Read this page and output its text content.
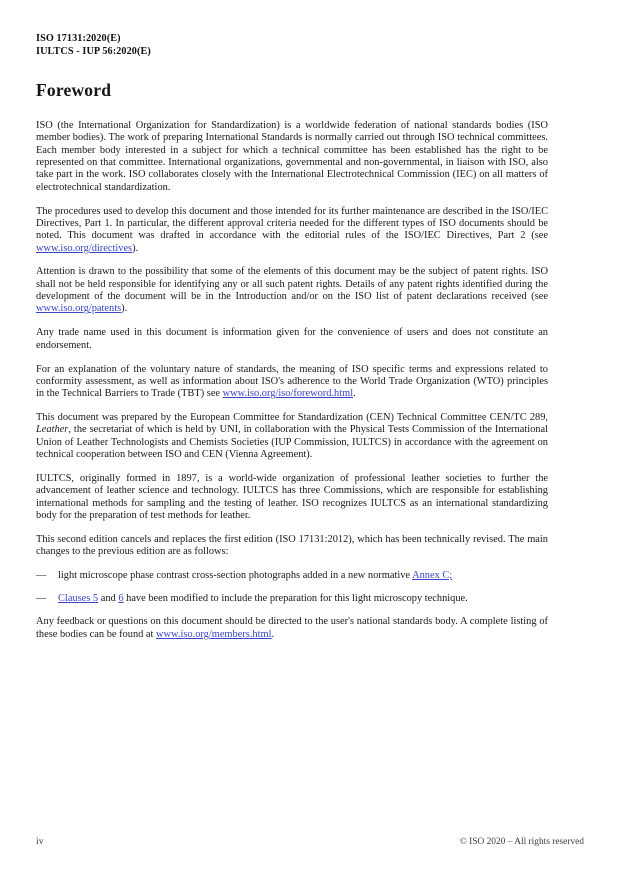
ISO 17131:2020(E)
IULTCS - IUP 56:2020(E)
Foreword

ISO (the International Organization for Standardization) is a worldwide federation of national standards bodies (ISO member bodies). The work of preparing International Standards is normally carried out through ISO technical committees. Each member body interested in a subject for which a technical committee has been established has the right to be represented on that committee. International organizations, governmental and non-governmental, in liaison with ISO, also take part in the work. ISO collaborates closely with the International Electrotechnical Commission (IEC) on all matters of electrotechnical standardization.

The procedures used to develop this document and those intended for its further maintenance are described in the ISO/IEC Directives, Part 1. In particular, the different approval criteria needed for the different types of ISO documents should be noted. This document was drafted in accordance with the editorial rules of the ISO/IEC Directives, Part 2 (see www.iso.org/directives).

Attention is drawn to the possibility that some of the elements of this document may be the subject of patent rights. ISO shall not be held responsible for identifying any or all such patent rights. Details of any patent rights identified during the development of the document will be in the Introduction and/or on the ISO list of patent declarations received (see www.iso.org/patents).

Any trade name used in this document is information given for the convenience of users and does not constitute an endorsement.

For an explanation of the voluntary nature of standards, the meaning of ISO specific terms and expressions related to conformity assessment, as well as information about ISO's adherence to the World Trade Organization (WTO) principles in the Technical Barriers to Trade (TBT) see www.iso.org/iso/foreword.html.

This document was prepared by the European Committee for Standardization (CEN) Technical Committee CEN/TC 289, Leather, the secretariat of which is held by UNI, in collaboration with the Physical Tests Commission of the International Union of Leather Technologists and Chemists Societies (IUP Commission, IULTCS) in accordance with the agreement on technical cooperation between ISO and CEN (Vienna Agreement).

IULTCS, originally formed in 1897, is a world-wide organization of professional leather societies to further the advancement of leather science and technology. IULTCS has three Commissions, which are responsible for establishing international methods for sampling and the testing of leather. ISO recognizes IULTCS as an international standardizing body for the preparation of test methods for leather.

This second edition cancels and replaces the first edition (ISO 17131:2012), which has been technically revised. The main changes to the previous edition are as follows:

— light microscope phase contrast cross-section photographs added in a new normative Annex C;
— Clauses 5 and 6 have been modified to include the preparation for this light microscopy technique.

Any feedback or questions on this document should be directed to the user's national standards body. A complete listing of these bodies can be found at www.iso.org/members.html.

iv	© ISO 2020 – All rights reserved
